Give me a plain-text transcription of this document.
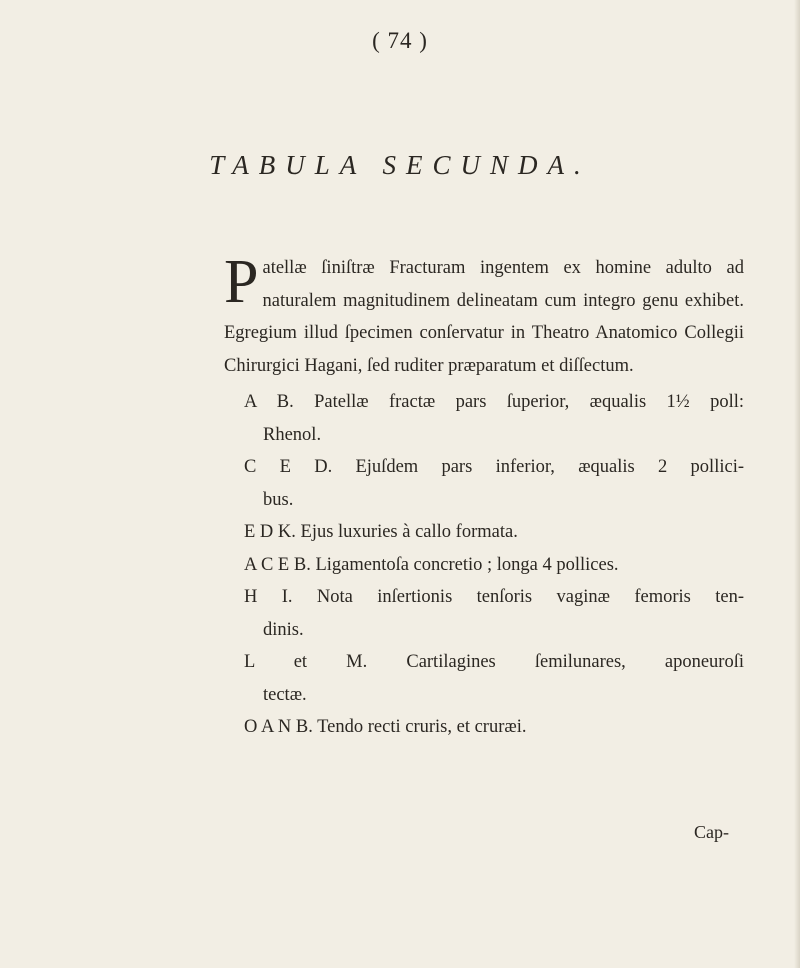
( 74 )
TABULA SECUNDA.

Patellæ ſiniſtræ Fracturam ingentem ex homine adulto ad naturalem magnitudinem delineatam cum integro genu exhibet. Egregium illud ſpecimen conſervatur in Theatro Anatomico Collegii Chirurgici Hagani, ſed ruditer præparatum et diſſectum.

A B. Patellæ fractæ pars ſuperior, æqualis 1½ poll:
Rhenol.
C E D. Ejuſdem pars inferior, æqualis 2 pollici-
bus.
E D K. Ejus luxuries à callo formata.
A C E B. Ligamentoſa concretio ; longa 4 pollices.
H I. Nota inſertionis tenſoris vaginæ femoris ten-
dinis.
L et M. Cartilagines ſemilunares, aponeuroſi
tectæ.
O A N B. Tendo recti cruris, et cruræi.
Cap-
